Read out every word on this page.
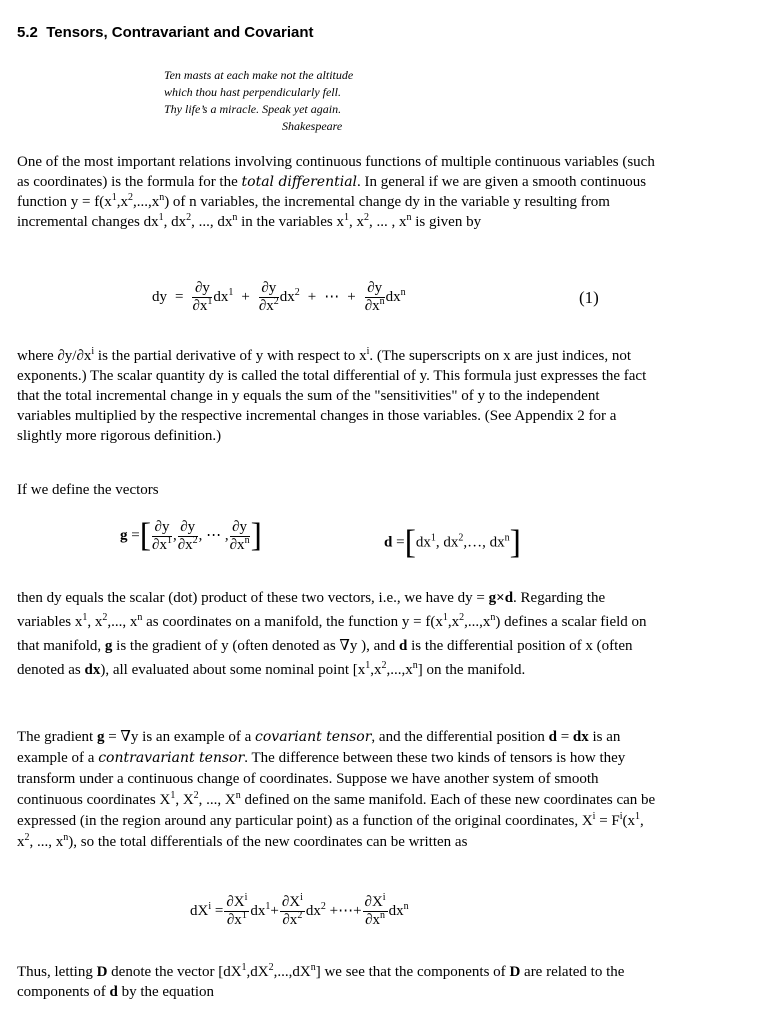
5.2 Tensors, Contravariant and Covariant
Ten masts at each make not the altitude
which thou hast perpendicularly fell.
Thy life’s a miracle. Speak yet again.
Shakespeare
One of the most important relations involving continuous functions of multiple continuous variables (such as coordinates) is the formula for the total differential. In general if we are given a smooth continuous function $y = f(x^1,x^2,...,x^n)$ of n variables, the incremental change dy in the variable y resulting from incremental changes $dx^1$, $dx^2$, ..., $dx^n$ in the variables $x^1$, $x^2$, ... , $x^n$ is given by
dy = $\frac{\partial y}{\partial x^1} dx^1 + \frac{\partial y}{\partial x^2} dx^2$ + ⋯ + $\frac{\partial y}{\partial x^n} dx^n$	(1)
where $\partial y/\partial x^i$ is the partial derivative of y with respect to $x^i$. (The superscripts on x are just indices, not exponents.) The scalar quantity dy is called the total differential of y. This formula just expresses the fact that the total incremental change in y equals the sum of the "sensitivities" of y to the independent variables multiplied by the respective incremental changes in those variables. (See Appendix 2 for a slightly more rigorous definition.)
If we define the vectors
g =[ $\frac{\partial y}{\partial x^1}$ , $\frac{\partial y}{\partial x^2}$ , ⋯ , $\frac{\partial y}{\partial x^n}$ ]	$d =[dx^1$, $dx^2,\dots$, $dx^n$]
then dy equals the scalar (dot) product of these two vectors, i.e., we have dy = g×d. Regarding the variables $x^1$, $x^2$,..., $x^n$ as coordinates on a manifold, the function $y = f(x^1,x^2,...,x^n)$ defines a scalar field on that manifold, g is the gradient of y (often denoted as ∇y ), and d is the differential position of x (often denoted as dx), all evaluated about some nominal point $[x^1,x^2,...,x^n]$ on the manifold.
The gradient g = ∇y is an example of a covariant tensor, and the differential position d = dx is an example of a contravariant tensor. The difference between these two kinds of tensors is how they transform under a continuous change of coordinates. Suppose we have another system of smooth continuous coordinates $X^1$, $X^2$, ..., $X^n$ defined on the same manifold. Each of these new coordinates can be expressed (in the region around any particular point) as a function of the original coordinates, $X^i = F^i(x^1$, $x^2$, ..., $x^n$), so the total differentials of the new coordinates can be written as
$dX^i = \frac{\partial X^i}{\partial x^1} dx^1+ \frac{\partial X^i}{\partial x^2} dx^2$ +⋯+ $\frac{\partial X^i}{\partial x^n} dx^n$
Thus, letting D denote the vector $[dX^1,dX^2,...,dX^n]$ we see that the components of D are related to the components of d by the equation
